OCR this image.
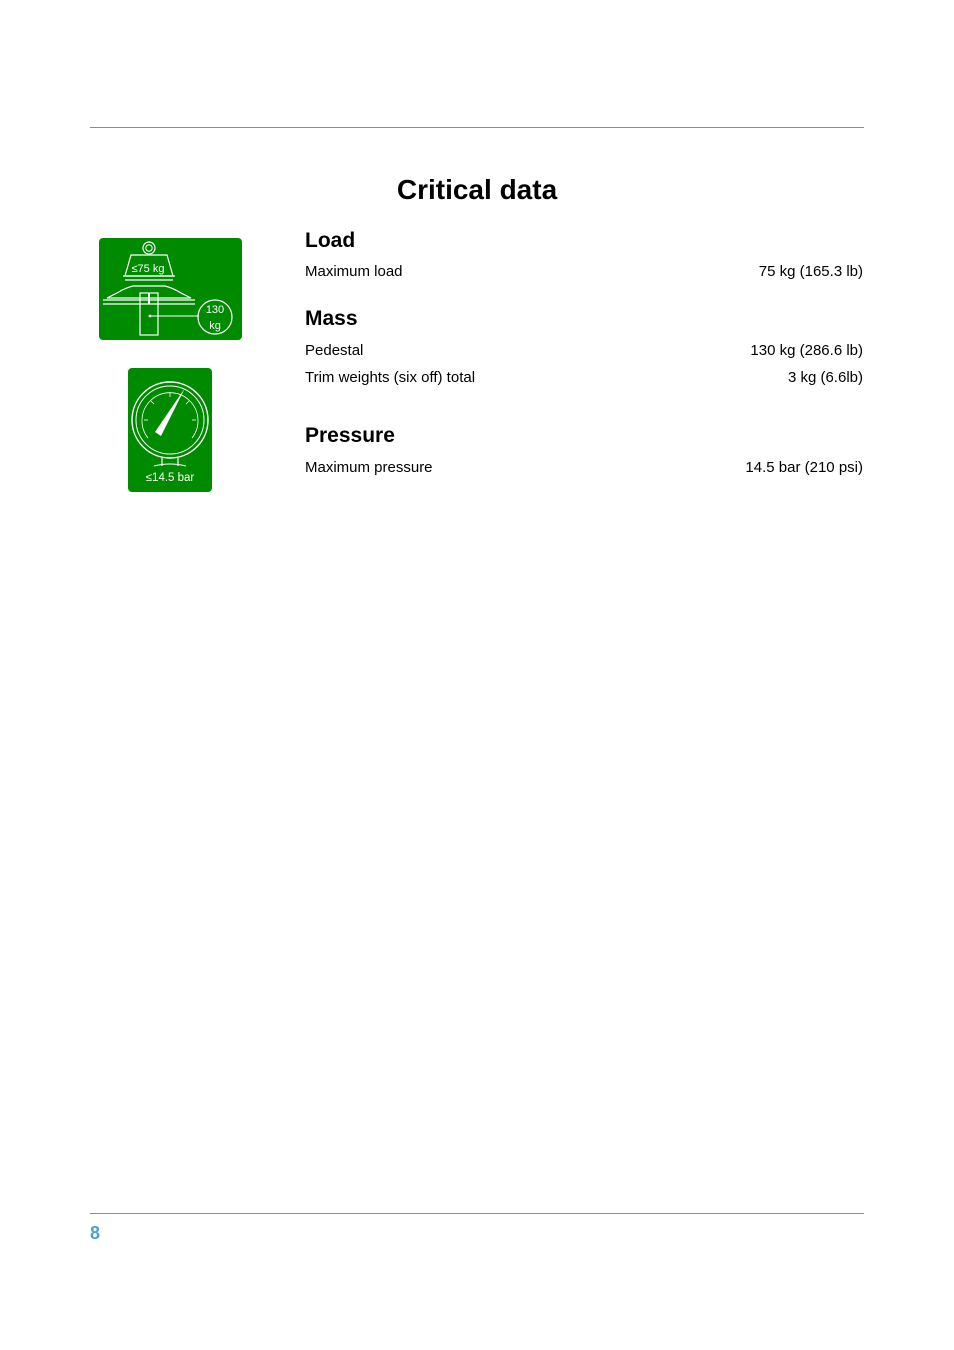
Critical data
≤75 kg
130
kg
≤14.5 bar
Load
Maximum load	75 kg (165.3 lb)
Mass
Pedestal	130 kg (286.6 lb)
Trim weights (six off) total	3 kg (6.6lb)
Pressure
Maximum pressure	14.5 bar (210 psi)
8
